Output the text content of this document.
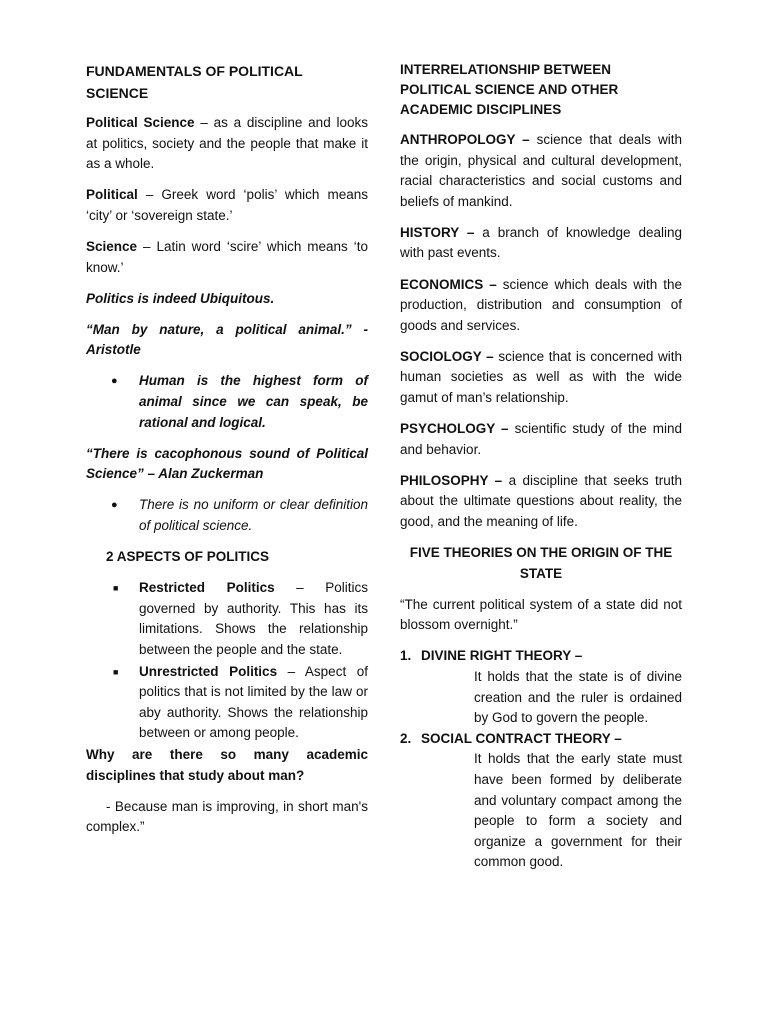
FUNDAMENTALS OF POLITICAL SCIENCE

Political Science – as a discipline and looks at politics, society and the people that make it as a whole.

Political – Greek word ‘polis’ which means ‘city’ or ‘sovereign state.’

Science – Latin word ‘scire’ which means ‘to know.’

Politics is indeed Ubiquitous.

“Man by nature, a political animal.” - Aristotle

● Human is the highest form of animal since we can speak, be rational and logical.

“There is cacophonous sound of Political Science” – Alan Zuckerman

● There is no uniform or clear definition of political science.

2 ASPECTS OF POLITICS

■ Restricted Politics – Politics governed by authority. This has its limitations. Shows the relationship between the people and the state.

■ Unrestricted Politics – Aspect of politics that is not limited by the law or aby authority. Shows the relationship between or among people.

Why are there so many academic disciplines that study about man?

- Because man is improving, in short man's complex.”

INTERRELATIONSHIP BETWEEN POLITICAL SCIENCE AND OTHER ACADEMIC DISCIPLINES

ANTHROPOLOGY – science that deals with the origin, physical and cultural development, racial characteristics and social customs and beliefs of mankind.

HISTORY – a branch of knowledge dealing with past events.

ECONOMICS – science which deals with the production, distribution and consumption of goods and services.

SOCIOLOGY – science that is concerned with human societies as well as with the wide gamut of man’s relationship.

PSYCHOLOGY – scientific study of the mind and behavior.

PHILOSOPHY – a discipline that seeks truth about the ultimate questions about reality, the good, and the meaning of life.

FIVE THEORIES ON THE ORIGIN OF THE STATE

“The current political system of a state did not blossom overnight.”

1. DIVINE RIGHT THEORY –

It holds that the state is of divine creation and the ruler is ordained by God to govern the people.

2. SOCIAL CONTRACT THEORY –

It holds that the early state must have been formed by deliberate and voluntary compact among the people to form a society and organize a government for their common good.
